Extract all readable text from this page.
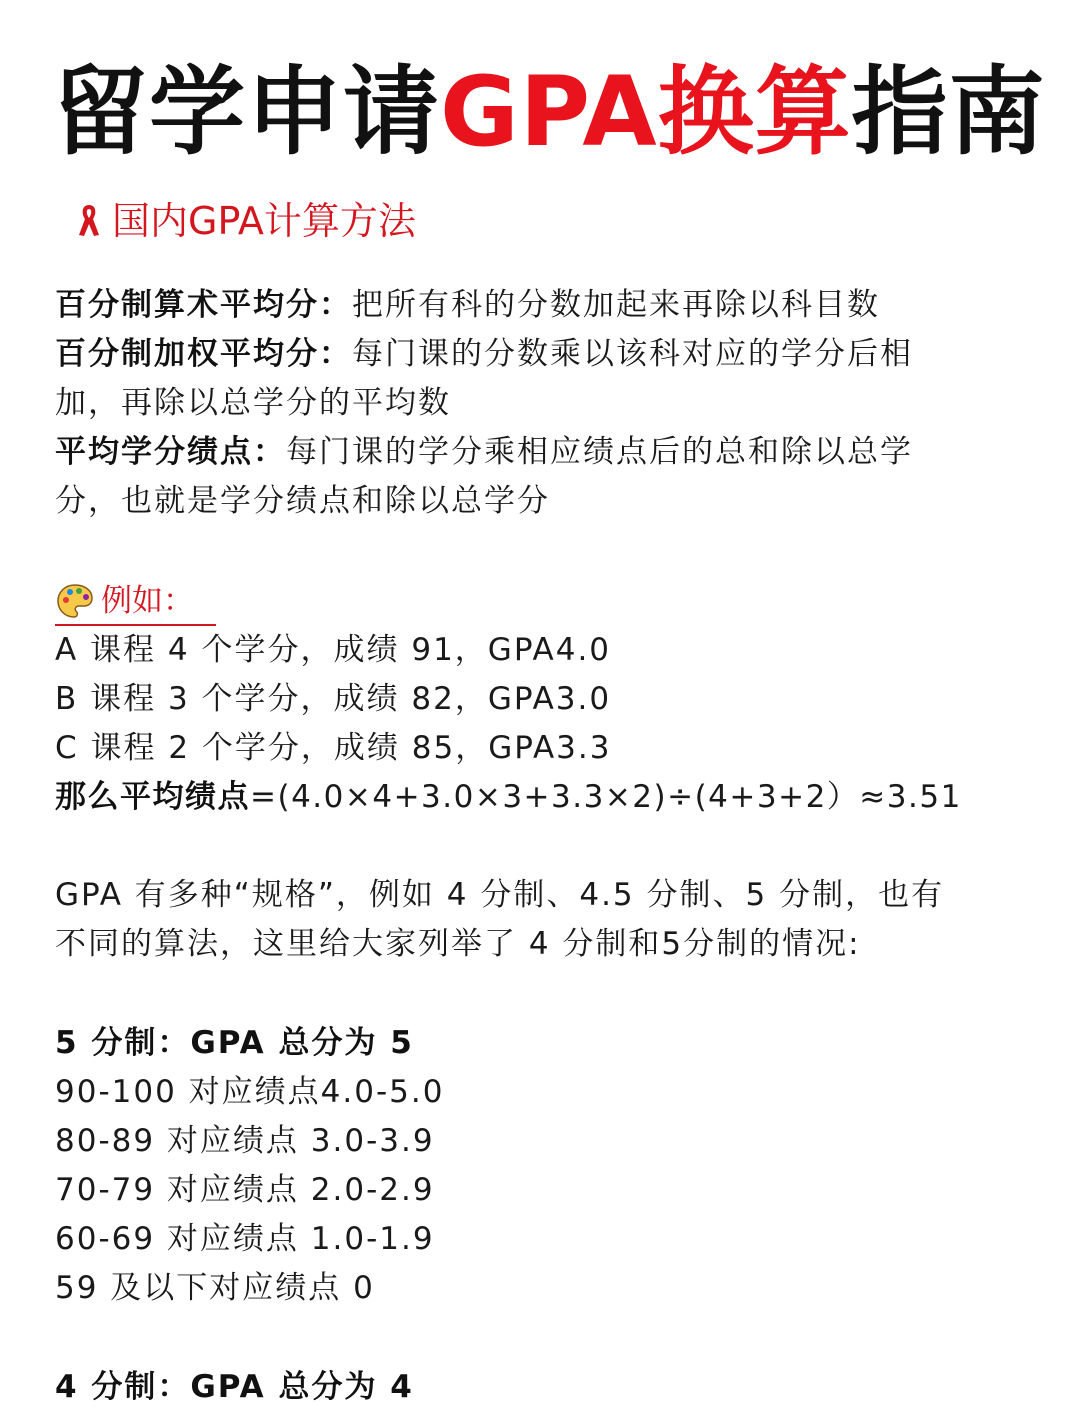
留学申请GPA换算指南
国内GPA计算方法
百分制算术平均分：把所有科的分数加起来再除以科目数
百分制加权平均分：每门课的分数乘以该科对应的学分后相
加，再除以总学分的平均数
平均学分绩点：每门课的学分乘相应绩点后的总和除以总学
分，也就是学分绩点和除以总学分
例如：
A 课程 4 个学分，成绩 91，GPA4.0
B 课程 3 个学分，成绩 82，GPA3.0
C 课程 2 个学分，成绩 85，GPA3.3
那么平均绩点=(4.0×4+3.0×3+3.3×2)÷(4+3+2）≈3.51
GPA 有多种“规格”，例如 4 分制、4.5 分制、5 分制，也有
不同的算法，这里给大家列举了 4 分制和5分制的情况:
5 分制：GPA 总分为 5
90-100 对应绩点4.0-5.0
80-89 对应绩点 3.0-3.9
70-79 对应绩点 2.0-2.9
60-69 对应绩点 1.0-1.9
59 及以下对应绩点 0
4 分制：GPA 总分为 4
